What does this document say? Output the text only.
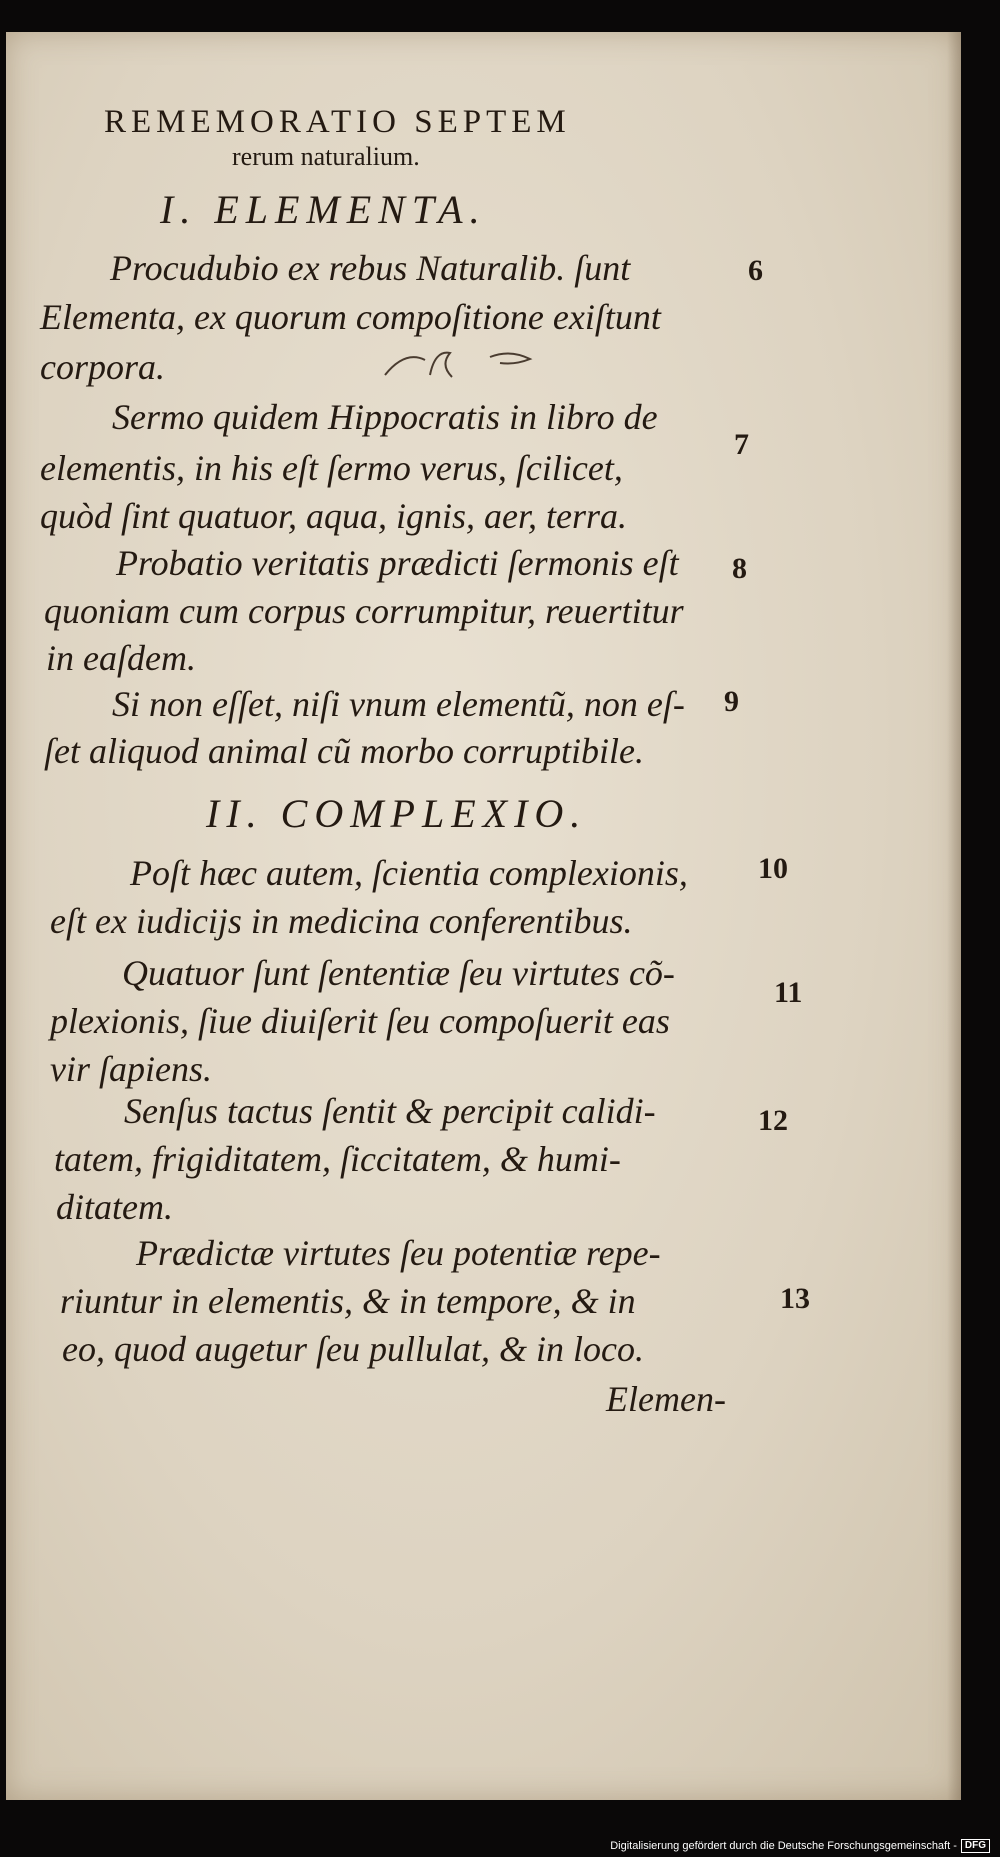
REMEMORATIO SEPTEM
rerum naturalium.
I. ELEMENTA.
Procudubio ex rebus Naturalib. ſunt
Elementa, ex quorum compoſitione exiſtunt
corpora.
Sermo quidem Hippocratis in libro de
elementis, in his eſt ſermo verus, ſcilicet,
quòd ſint quatuor, aqua, ignis, aer, terra.
Probatio veritatis prædicti ſermonis eſt
quoniam cum corpus corrumpitur, reuertitur
in eaſdem.
Si non eſſet, niſi vnum elementũ, non eſ-
ſet aliquod animal cũ morbo corruptibile.
II. COMPLEXIO.
Poſt hæc autem, ſcientia complexionis,
eſt ex iudicijs in medicina conferentibus.
Quatuor ſunt ſententiæ ſeu virtutes cõ-
plexionis, ſiue diuiſerit ſeu compoſuerit eas
vir ſapiens.
Senſus tactus ſentit & percipit calidi-
tatem, frigiditatem, ſiccitatem, & humi-
ditatem.
Prædictæ virtutes ſeu potentiæ repe-
riuntur in elementis, & in tempore, & in
eo, quod augetur ſeu pullulat, & in loco.
Elemen-
6
7
8
9
10
11
12
13
Digitalisierung gefördert durch die Deutsche Forschungsgemeinschaft - DFG
